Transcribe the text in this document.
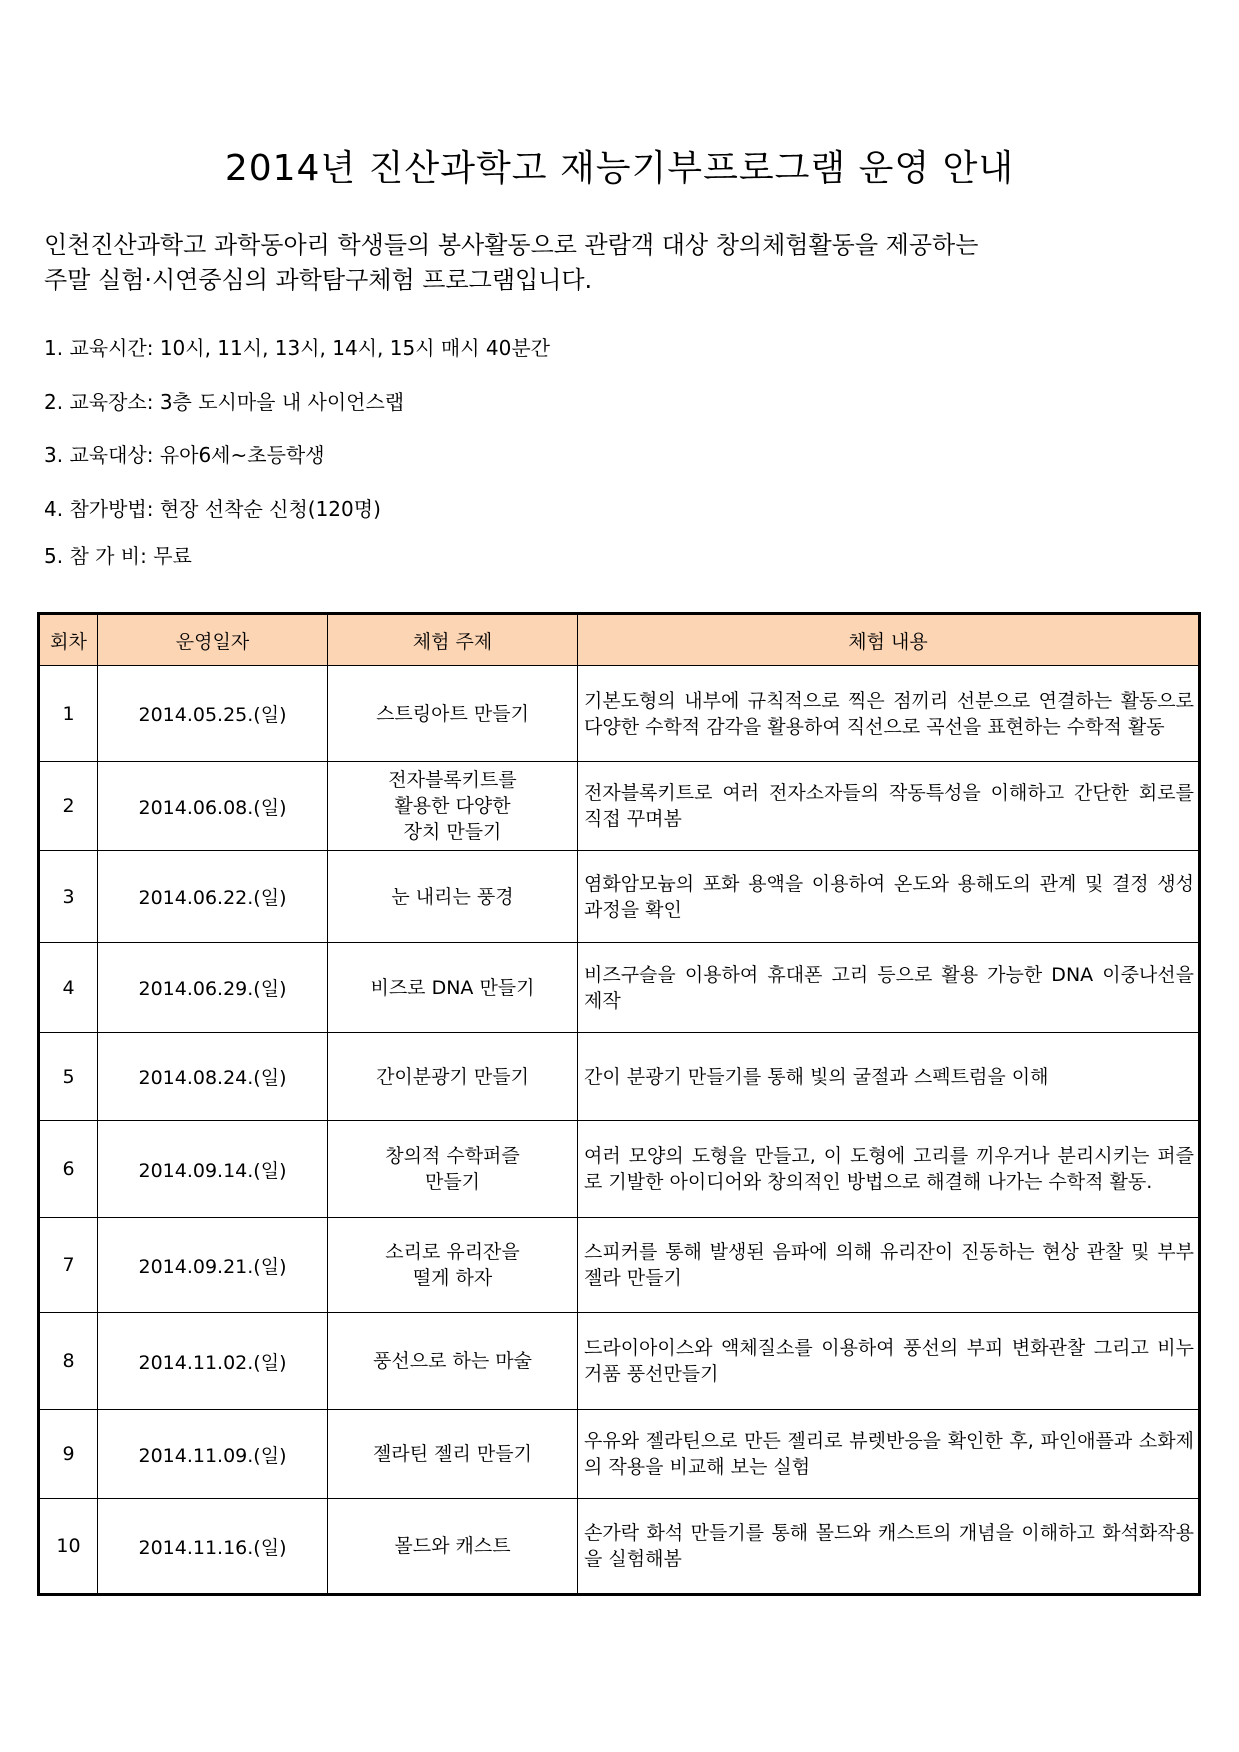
2014년 진산과학고 재능기부프로그램 운영 안내
인천진산과학고 과학동아리 학생들의 봉사활동으로 관람객 대상 창의체험활동을 제공하는
주말 실험·시연중심의 과학탐구체험 프로그램입니다.
1. 교육시간: 10시, 11시, 13시, 14시, 15시 매시 40분간
2. 교육장소: 3층 도시마을 내 사이언스랩
3. 교육대상: 유아6세~초등학생
4. 참가방법: 현장 선착순 신청(120명)
5. 참 가 비: 무료
회차	운영일자	체험 주제	체험 내용
1	2014.05.25.(일)	스트링아트 만들기	기본도형의 내부에 규칙적으로 찍은 점끼리 선분으로 연결하는 활동으로 다양한 수학적 감각을 활용하여 직선으로 곡선을 표현하는 수학적 활동
2	2014.06.08.(일)	전자블록키트를
활용한 다양한
장치 만들기	전자블록키트로 여러 전자소자들의 작동특성을 이해하고 간단한 회로를 직접 꾸며봄
3	2014.06.22.(일)	눈 내리는 풍경	염화암모늄의 포화 용액을 이용하여 온도와 용해도의 관계 및 결정 생성 과정을 확인
4	2014.06.29.(일)	비즈로 DNA 만들기	비즈구슬을 이용하여 휴대폰 고리 등으로 활용 가능한 DNA 이중나선을 제작
5	2014.08.24.(일)	간이분광기 만들기	간이 분광기 만들기를 통해 빛의 굴절과 스펙트럼을 이해
6	2014.09.14.(일)	창의적 수학퍼즐
만들기	여러 모양의 도형을 만들고, 이 도형에 고리를 끼우거나 분리시키는 퍼즐로 기발한 아이디어와 창의적인 방법으로 해결해 나가는 수학적 활동.
7	2014.09.21.(일)	소리로 유리잔을
떨게 하자	스피커를 통해 발생된 음파에 의해 유리잔이 진동하는 현상 관찰 및 부부젤라 만들기
8	2014.11.02.(일)	풍선으로 하는 마술	드라이아이스와 액체질소를 이용하여 풍선의 부피 변화관찰 그리고 비누거품 풍선만들기
9	2014.11.09.(일)	젤라틴 젤리 만들기	우유와 젤라틴으로 만든 젤리로 뷰렛반응을 확인한 후, 파인애플과 소화제의 작용을 비교해 보는 실험
10	2014.11.16.(일)	몰드와 캐스트	손가락 화석 만들기를 통해 몰드와 캐스트의 개념을 이해하고 화석화작용을 실험해봄
